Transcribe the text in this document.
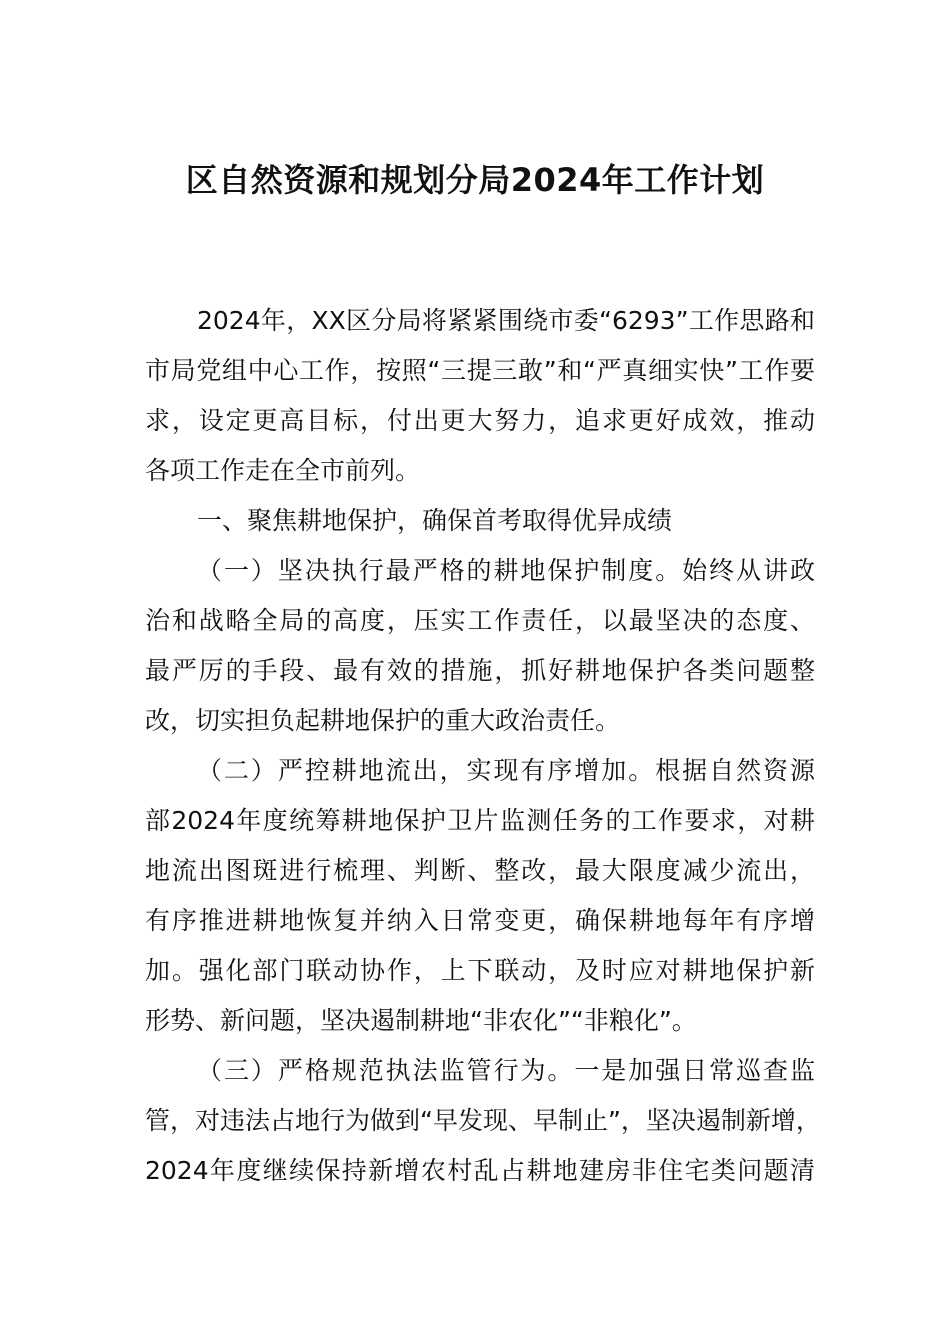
区自然资源和规划分局2024年工作计划
2024年，XX区分局将紧紧围绕市委“6293”工作思路和
市局党组中心工作，按照“三提三敢”和“严真细实快”工作要
求，设定更高目标，付出更大努力，追求更好成效，推动
各项工作走在全市前列。
一、聚焦耕地保护，确保首考取得优异成绩
（一）坚决执行最严格的耕地保护制度。始终从讲政
治和战略全局的高度，压实工作责任，以最坚决的态度、
最严厉的手段、最有效的措施，抓好耕地保护各类问题整
改，切实担负起耕地保护的重大政治责任。
（二）严控耕地流出，实现有序增加。根据自然资源
部2024年度统筹耕地保护卫片监测任务的工作要求，对耕
地流出图斑进行梳理、判断、整改，最大限度减少流出，
有序推进耕地恢复并纳入日常变更，确保耕地每年有序增
加。强化部门联动协作，上下联动，及时应对耕地保护新
形势、新问题，坚决遏制耕地“非农化”“非粮化”。
（三）严格规范执法监管行为。一是加强日常巡查监
管，对违法占地行为做到“早发现、早制止”，坚决遏制新增，
2024年度继续保持新增农村乱占耕地建房非住宅类问题清
